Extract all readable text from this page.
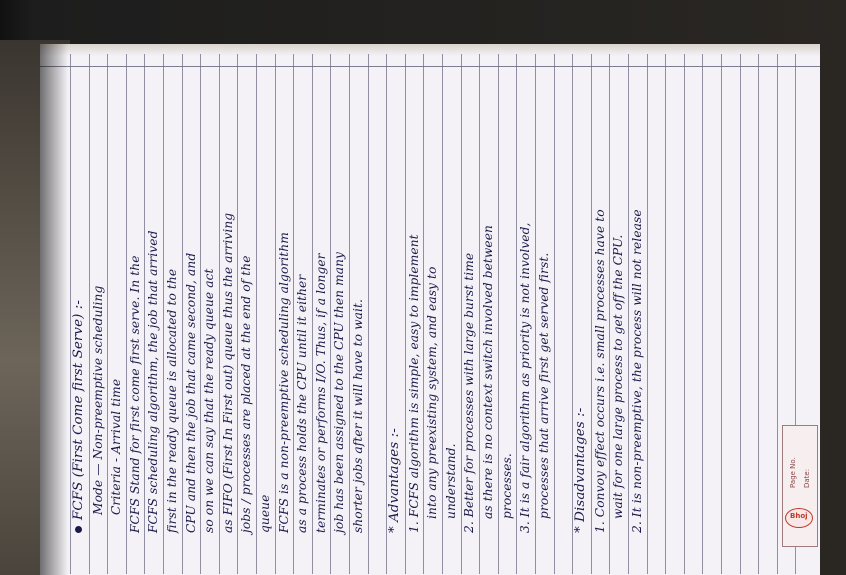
FCFS (First Come first Serve) :- Mode — Non-preemptive scheduling Criteria - Arrival time FCFS Stand for first come first serve. In the FCFS scheduling algorithm, the job that arrived first in the ready queue is allocated to the CPU and then the job that came second, and so on we can say that the ready queue act as FIFO (First In First out) queue thus the arriving jobs / processes are placed at the end of the queue FCFS is a non-preemptive scheduling algorithm as a process holds the CPU until it either terminates or performs I/O. Thus, if a longer job has been assigned to the CPU then many shorter jobs after it will have to wait. * Advantages :- 1. FCFS algorithm is simple, easy to implement into any preexisting system, and easy to understand. 2. Better for processes with large burst time as there is no context switch involved between processes. 3. It is a fair algorithm as priority is not involved, processes that arrive first get served first. * Disadvantages :- 1. Convoy effect occurs i.e. small processes have to wait for one large process to get off the CPU. 2. It is non-preemptive, the process will not release	Page No. Date:
Bhoj
